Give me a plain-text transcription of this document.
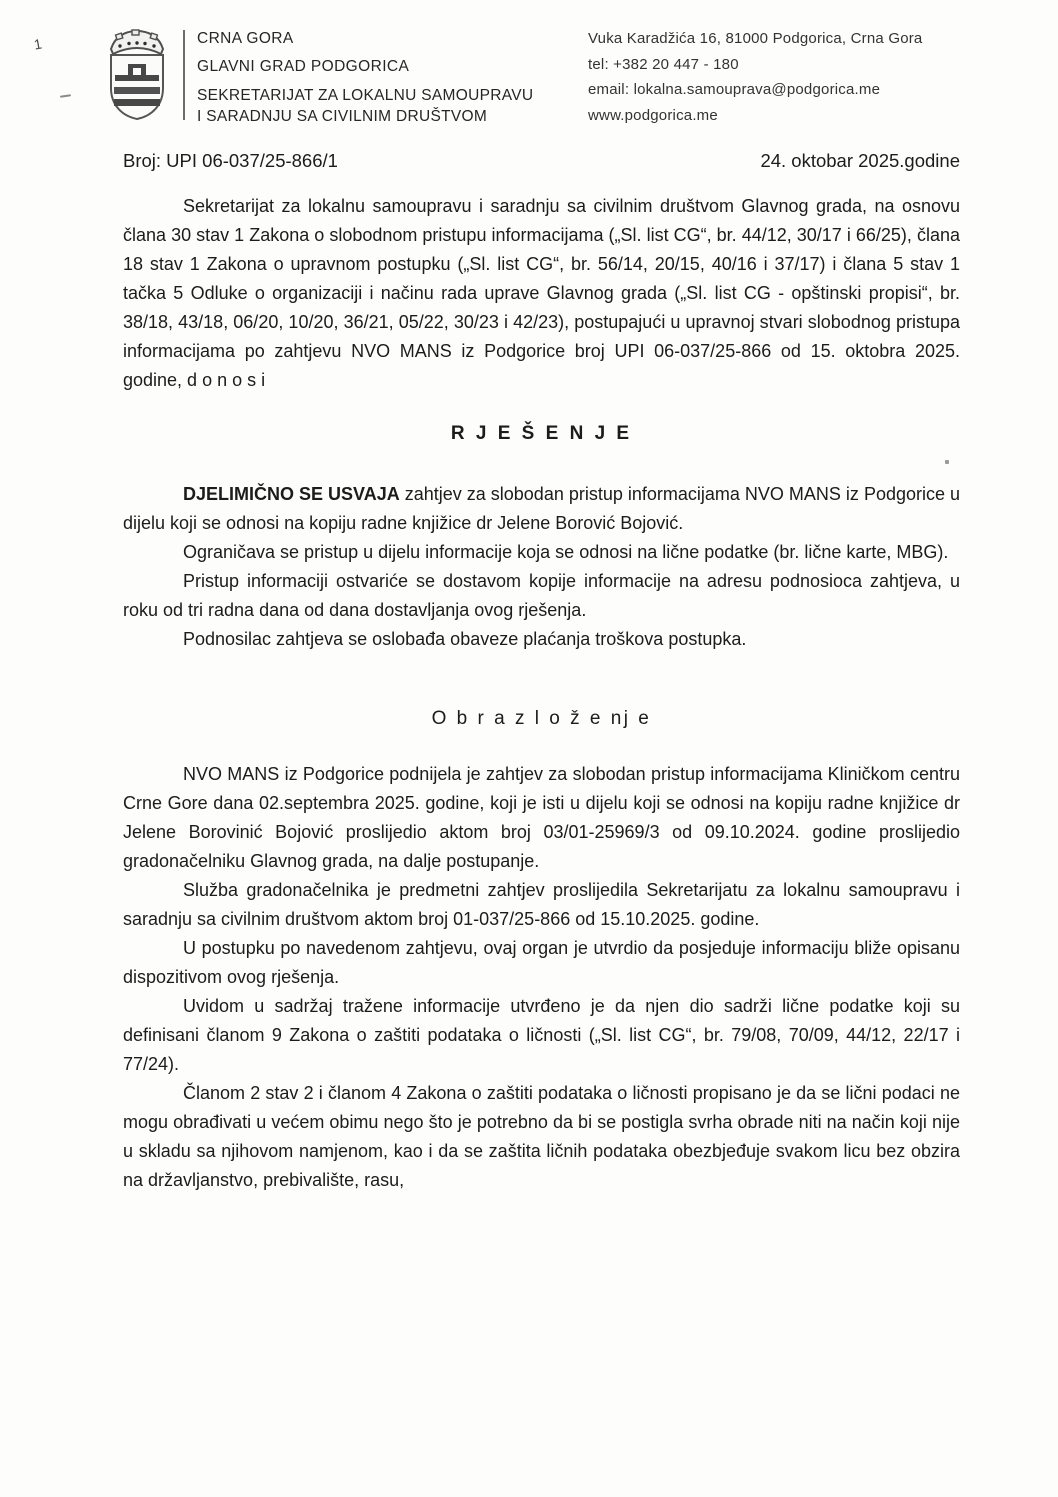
1	CRNA GORA
GLAVNI GRAD PODGORICA
SEKRETARIJAT ZA LOKALNU SAMOUPRAVU
I SARADNJU SA CIVILNIM DRUŠTVOM
Vuka Karadžića 16, 81000 Podgorica, Crna Gora
tel: +382 20 447 - 180
email: lokalna.samouprava@podgorica.me
www.podgorica.me
Broj: UPI 06-037/25-866/1	24. oktobar 2025.godine

Sekretarijat za lokalnu samoupravu i saradnju sa civilnim društvom Glavnog grada, na osnovu člana 30 stav 1 Zakona o slobodnom pristupu informacijama („Sl. list CG“, br. 44/12, 30/17 i 66/25), člana 18 stav 1 Zakona o upravnom postupku („Sl. list CG“, br. 56/14, 20/15, 40/16 i 37/17) i člana 5 stav 1 tačka 5 Odluke o organizaciji i načinu rada uprave Glavnog grada („Sl. list CG - opštinski propisi“, br. 38/18, 43/18, 06/20, 10/20, 36/21, 05/22, 30/23 i 42/23), postupajući u upravnoj stvari slobodnog pristupa informacijama po zahtjevu NVO MANS iz Podgorice broj UPI 06-037/25-866 od 15. oktobra 2025. godine, d o n o s i

R J E Š E N J E

DJELIMIČNO SE USVAJA zahtjev za slobodan pristup informacijama NVO MANS iz Podgorice u dijelu koji se odnosi na kopiju radne knjižice dr Jelene Borović Bojović.

Ograničava se pristup u dijelu informacije koja se odnosi na lične podatke (br. lične karte, MBG).

Pristup informaciji ostvariće se dostavom kopije informacije na adresu podnosioca zahtjeva, u roku od tri radna dana od dana dostavljanja ovog rješenja.

Podnosilac zahtjeva se oslobađa obaveze plaćanja troškova postupka.

O b r a z l o ž e nj e

NVO MANS iz Podgorice podnijela je zahtjev za slobodan pristup informacijama Kliničkom centru Crne Gore dana 02.septembra 2025. godine, koji je isti u dijelu koji se odnosi na kopiju radne knjižice dr Jelene Borovinić Bojović proslijedio aktom broj 03/01-25969/3 od 09.10.2024. godine proslijedio gradonačelniku Glavnog grada, na dalje postupanje.

Služba gradonačelnika je predmetni zahtjev proslijedila Sekretarijatu za lokalnu samoupravu i saradnju sa civilnim društvom aktom broj 01-037/25-866 od 15.10.2025. godine.

U postupku po navedenom zahtjevu, ovaj organ je utvrdio da posjeduje informaciju bliže opisanu dispozitivom ovog rješenja.

Uvidom u sadržaj tražene informacije utvrđeno je da njen dio sadrži lične podatke koji su definisani članom 9 Zakona o zaštiti podataka o ličnosti („Sl. list CG“, br. 79/08, 70/09, 44/12, 22/17 i 77/24).

Članom 2 stav 2 i članom 4 Zakona o zaštiti podataka o ličnosti propisano je da se lični podaci ne mogu obrađivati u većem obimu nego što je potrebno da bi se postigla svrha obrade niti na način koji nije u skladu sa njihovom namjenom, kao i da se zaštita ličnih podataka obezbjeđuje svakom licu bez obzira na državljanstvo, prebivalište, rasu,
